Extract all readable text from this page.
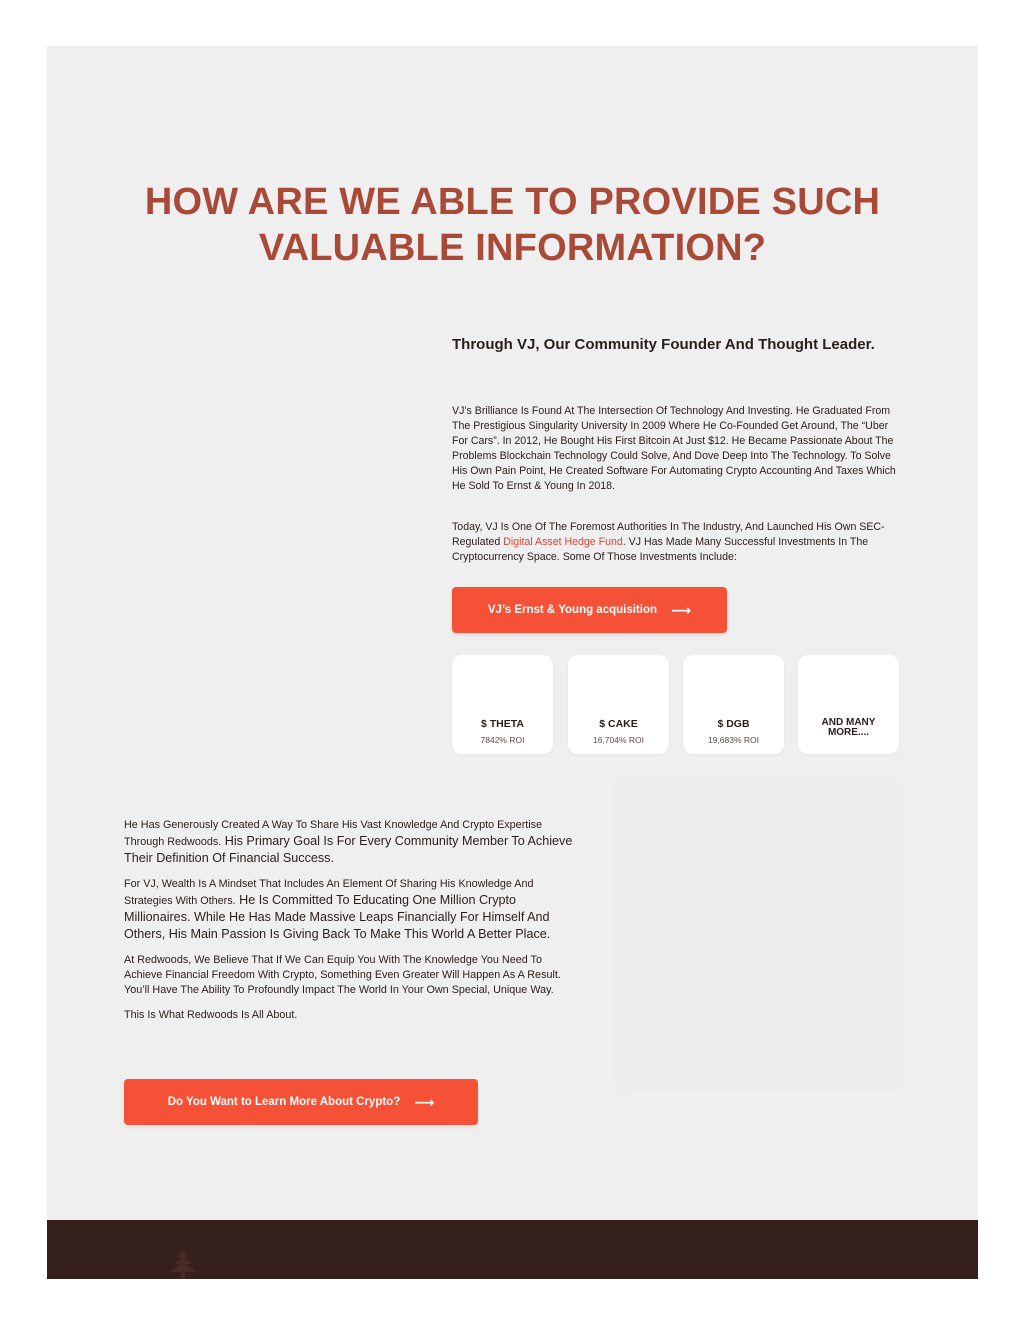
HOW ARE WE ABLE TO PROVIDE SUCH
VALUABLE INFORMATION?
Through VJ, Our Community Founder And Thought Leader.

VJ’s Brilliance Is Found At The Intersection Of Technology And Investing. He Graduated From The Prestigious Singularity University In 2009 Where He Co-Founded Get Around, The “Uber For Cars”. In 2012, He Bought His First Bitcoin At Just $12. He Became Passionate About The Problems Blockchain Technology Could Solve, And Dove Deep Into The Technology. To Solve His Own Pain Point, He Created Software For Automating Crypto Accounting And Taxes Which He Sold To Ernst & Young In 2018.

Today, VJ Is One Of The Foremost Authorities In The Industry, And Launched His Own SEC-Regulated Digital Asset Hedge Fund. VJ Has Made Many Successful Investments In The Cryptocurrency Space. Some Of Those Investments Include:

VJ’s Ernst & Young acquisition ⟶
$ THETA
7842% ROI
$ CAKE
16,704% ROI
$ DGB
19,683% ROI
AND MANY
MORE....

He Has Generously Created A Way To Share His Vast Knowledge And Crypto Expertise Through Redwoods. His Primary Goal Is For Every Community Member To Achieve Their Definition Of Financial Success.

For VJ, Wealth Is A Mindset That Includes An Element Of Sharing His Knowledge And Strategies With Others. He Is Committed To Educating One Million Crypto Millionaires. While He Has Made Massive Leaps Financially For Himself And Others, His Main Passion Is Giving Back To Make This World A Better Place.

At Redwoods, We Believe That If We Can Equip You With The Knowledge You Need To Achieve Financial Freedom With Crypto, Something Even Greater Will Happen As A Result. You’ll Have The Ability To Profoundly Impact The World In Your Own Special, Unique Way.

This Is What Redwoods Is All About.

Do You Want to Learn More About Crypto? ⟶
